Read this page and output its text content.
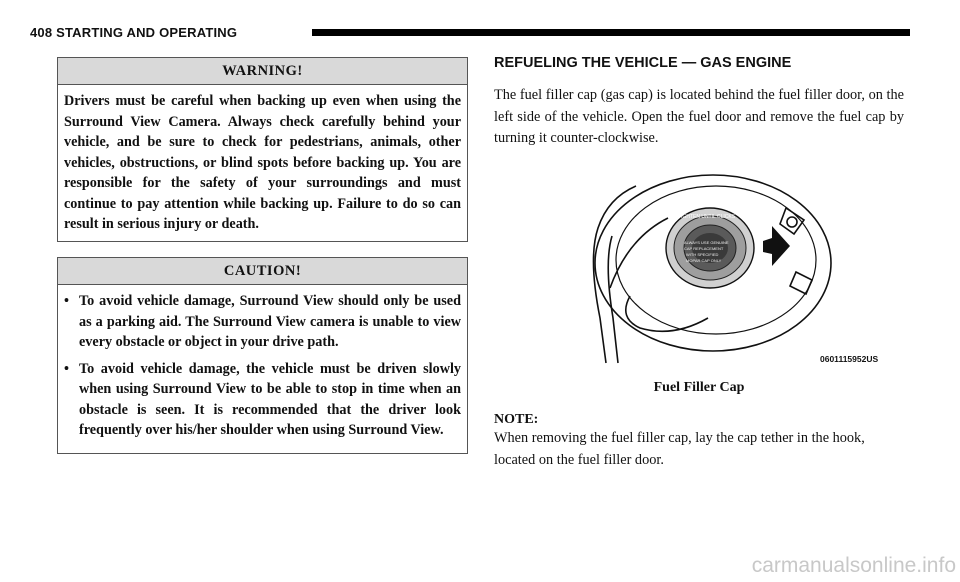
408 STARTING AND OPERATING
WARNING!
Drivers must be careful when backing up even when using the Surround View Camera. Always check carefully behind your vehicle, and be sure to check for pedestrians, animals, other vehicles, obstructions, or blind spots before backing up. You are responsible for the safety of your surroundings and must continue to pay attention while backing up. Failure to do so can result in serious injury or death.
CAUTION!
• To avoid vehicle damage, Surround View should only be used as a parking aid. The Surround View camera is unable to view every obstacle or object in your drive path.
• To avoid vehicle damage, the vehicle must be driven slowly when using Surround View to be able to stop in time when an obstacle is seen. It is recommended that the driver look frequently over his/her shoulder when using Surround View.
REFUELING THE VEHICLE — GAS ENGINE
The fuel filler cap (gas cap) is located behind the fuel filler door, on the left side of the vehicle. Open the fuel door and remove the fuel cap by turning it counter-clockwise.
TIGHTEN UNTIL CLICKS
ALWAYS USE GENUINE
CAP REPLACEMENT
WITH SPECIFIED
MOPAR CAP ONLY
0601115952US
Fuel Filler Cap
NOTE:
When removing the fuel filler cap, lay the cap tether in the hook, located on the fuel filler door.
carmanualsonline.info
